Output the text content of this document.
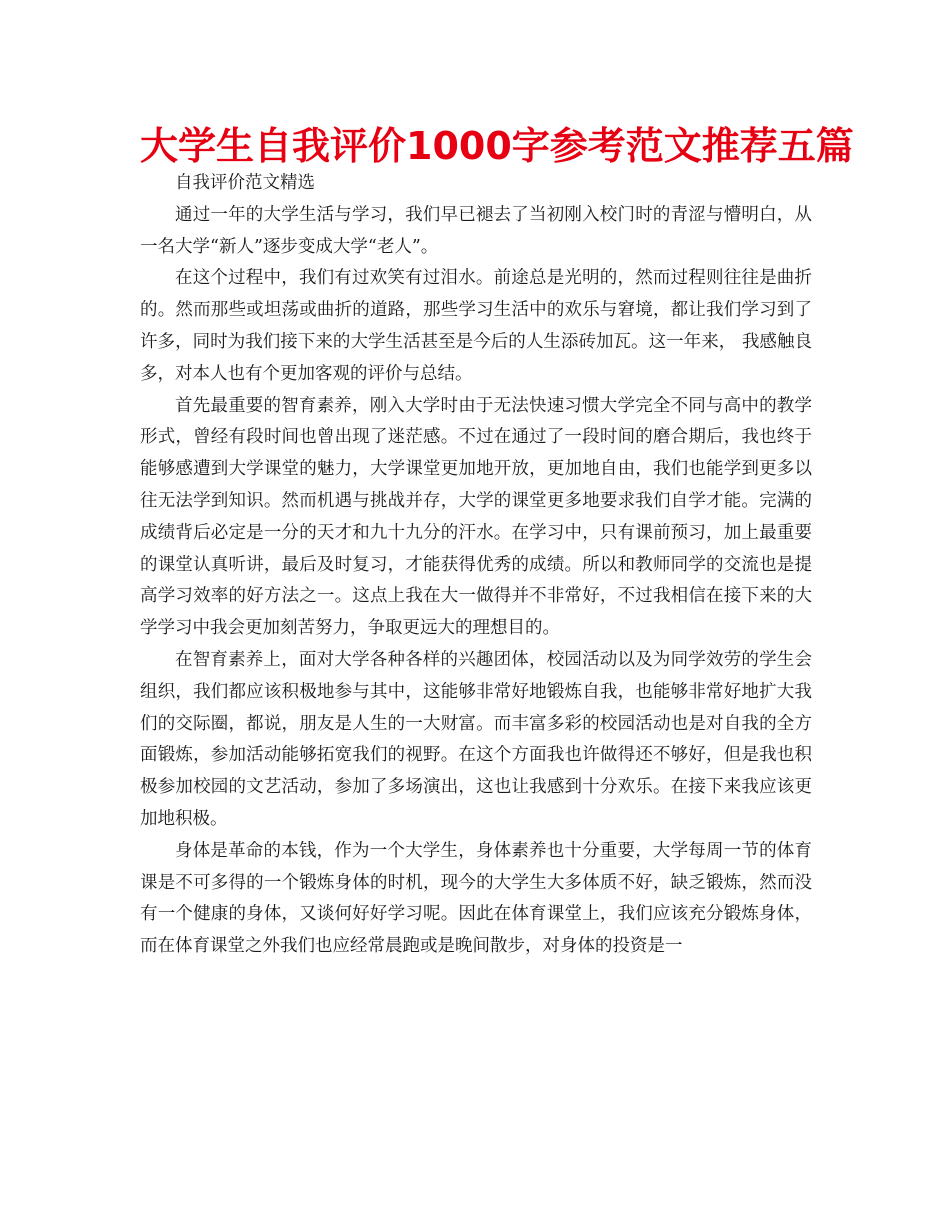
大学生自我评价1000字参考范文推荐五篇

自我评价范文精选

通过一年的大学生活与学习，我们早已褪去了当初刚入校门时的青涩与懵明白，从一名大学“新人”逐步变成大学“老人”。

在这个过程中，我们有过欢笑有过泪水。前途总是光明的，然而过程则往往是曲折的。然而那些或坦荡或曲折的道路，那些学习生活中的欢乐与窘境，都让我们学习到了许多，同时为我们接下来的大学生活甚至是今后的人生添砖加瓦。这一年来， 我感触良多，对本人也有个更加客观的评价与总结。

首先最重要的智育素养，刚入大学时由于无法快速习惯大学完全不同与高中的教学形式，曾经有段时间也曾出现了迷茫感。不过在通过了一段时间的磨合期后，我也终于能够感遭到大学课堂的魅力，大学课堂更加地开放，更加地自由，我们也能学到更多以往无法学到知识。然而机遇与挑战并存，大学的课堂更多地要求我们自学才能。完满的成绩背后必定是一分的天才和九十九分的汗水。在学习中，只有课前预习，加上最重要的课堂认真听讲，最后及时复习，才能获得优秀的成绩。所以和教师同学的交流也是提高学习效率的好方法之一。这点上我在大一做得并不非常好，不过我相信在接下来的大学学习中我会更加刻苦努力，争取更远大的理想目的。

在智育素养上，面对大学各种各样的兴趣团体，校园活动以及为同学效劳的学生会组织，我们都应该积极地参与其中，这能够非常好地锻炼自我，也能够非常好地扩大我们的交际圈，都说，朋友是人生的一大财富。而丰富多彩的校园活动也是对自我的全方面锻炼，参加活动能够拓宽我们的视野。在这个方面我也许做得还不够好，但是我也积极参加校园的文艺活动，参加了多场演出，这也让我感到十分欢乐。在接下来我应该更加地积极。

身体是革命的本钱，作为一个大学生，身体素养也十分重要，大学每周一节的体育课是不可多得的一个锻炼身体的时机，现今的大学生大多体质不好，缺乏锻炼，然而没有一个健康的身体，又谈何好好学习呢。因此在体育课堂上，我们应该充分锻炼身体，而在体育课堂之外我们也应经常晨跑或是晚间散步，对身体的投资是一
